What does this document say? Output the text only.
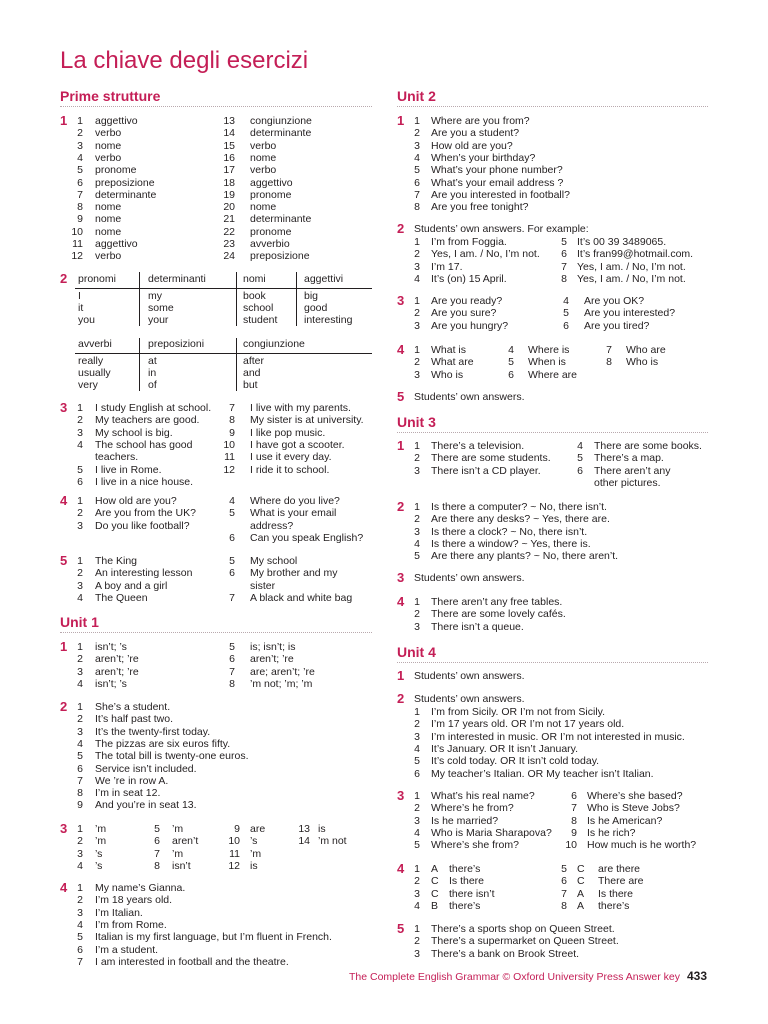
La chiave degli esercizi
The Complete English Grammar © Oxford University Press Answer key 433
Prime strutture
1 1 aggettivo
2 verbo
3 nome
4 verbo
5 pronome
6 preposizione
7 determinante
8 nome
9 nome
10 nome
11 aggettivo
12 verbo
13 congiunzione
14 determinante
15 verbo
16 nome
17 verbo
18 aggettivo
19 pronome
20 nome
21 determinante
22 pronome
23 avverbio
24 preposizione
2 pronomi	determinanti	nomi	aggettivi
I	my	book	big
it	some	school	good
you	your	student	interesting
avverbi	preposizioni	congiunzione
really	at	after
usually	in	and
very	of	but
3 1 I study English at school.
2 My teachers are good.
3 My school is big.
4 The school has good teachers.
5 I live in Rome.
6 I live in a nice house.
7 I live with my parents.
8 My sister is at university.
9 I like pop music.
10 I have got a scooter.
11 I use it every day.
12 I ride it to school.
4 1 How old are you?
2 Are you from the UK?
3 Do you like football?
4 Where do you live?
5 What is your email address?
6 Can you speak English?
5 1 The King
2 An interesting lesson
3 A boy and a girl
4 The Queen
5 My school
6 My brother and my sister
7 A black and white bag
Unit 1
1 1 isn’t; ’s
2 aren’t; ’re
3 aren’t; ’re
4 isn’t; ’s
5 is; isn’t; is
6 aren’t; ’re
7 are; aren’t; ’re
8 ’m not; ’m; ’m
2 1 She’s a student.
2 It’s half past two.
3 It’s the twenty-first today.
4 The pizzas are six euros fifty.
5 The total bill is twenty-one euros.
6 Service isn’t included.
7 We ’re in row A.
8 I’m in seat 12.
9 And you’re in seat 13.
3 1 ’m
2 ’m
3 ’s
4 ’s
5 ’m
6 aren’t
7 ’m
8 isn’t
9 are
10 ’s
11 ’m
12 is
13 is
14 ’m not
4 1 My name’s Gianna.
2 I’m 18 years old.
3 I’m Italian.
4 I’m from Rome.
5 Italian is my first language, but I’m fluent in French.
6 I’m a student.
7 I am interested in football and the theatre.
Unit 2
1 1 Where are you from?
2 Are you a student?
3 How old are you?
4 When’s your birthday?
5 What’s your phone number?
6 What’s your email address ?
7 Are you interested in football?
8 Are you free tonight?
2 Students’ own answers. For example:
1 I’m from Foggia.
2 Yes, I am. / No, I’m not.
3 I’m 17.
4 It’s (on) 15 April.
5 It’s 00 39 3489065.
6 It’s fran99@hotmail.com.
7 Yes, I am. / No, I’m not.
8 Yes, I am. / No, I’m not.
3 1 Are you ready?
2 Are you sure?
3 Are you hungry?
4 Are you OK?
5 Are you interested?
6 Are you tired?
4 1 What is
2 What are
3 Who is
4 Where is
5 When is
6 Where are
7 Who are
8 Who is
5 Students’ own answers.
Unit 3
1 1 There’s a television.
2 There are some students.
3 There isn’t a CD player.
4 There are some books.
5 There’s a map.
6 There aren’t any other pictures.
2 1 Is there a computer? ~ No, there isn’t.
2 Are there any desks? ~ Yes, there are.
3 Is there a clock? ~ No, there isn’t.
4 Is there a window? ~ Yes, there is.
5 Are there any plants? ~ No, there aren’t.
3 Students’ own answers.
4 1 There aren’t any free tables.
2 There are some lovely cafés.
3 There isn’t a queue.
Unit 4
1 Students’ own answers.
2 Students’ own answers.
1 I’m from Sicily. OR I’m not from Sicily.
2 I’m 17 years old. OR I’m not 17 years old.
3 I’m interested in music. OR I’m not interested in music.
4 It’s January. OR It isn’t January.
5 It’s cold today. OR It isn’t cold today.
6 My teacher’s Italian. OR My teacher isn’t Italian.
3 1 What’s his real name?
2 Where’s he from?
3 Is he married?
4 Who is Maria Sharapova?
5 Where’s she from?
6 Where’s she based?
7 Who is Steve Jobs?
8 Is he American?
9 Is he rich?
10 How much is he worth?
4 1 A there’s
2 C Is there
3 C there isn’t
4 B there’s
5 C are there
6 C There are
7 A Is there
8 A there’s
5 1 There’s a sports shop on Queen Street.
2 There’s a supermarket on Queen Street.
3 There’s a bank on Brook Street.
